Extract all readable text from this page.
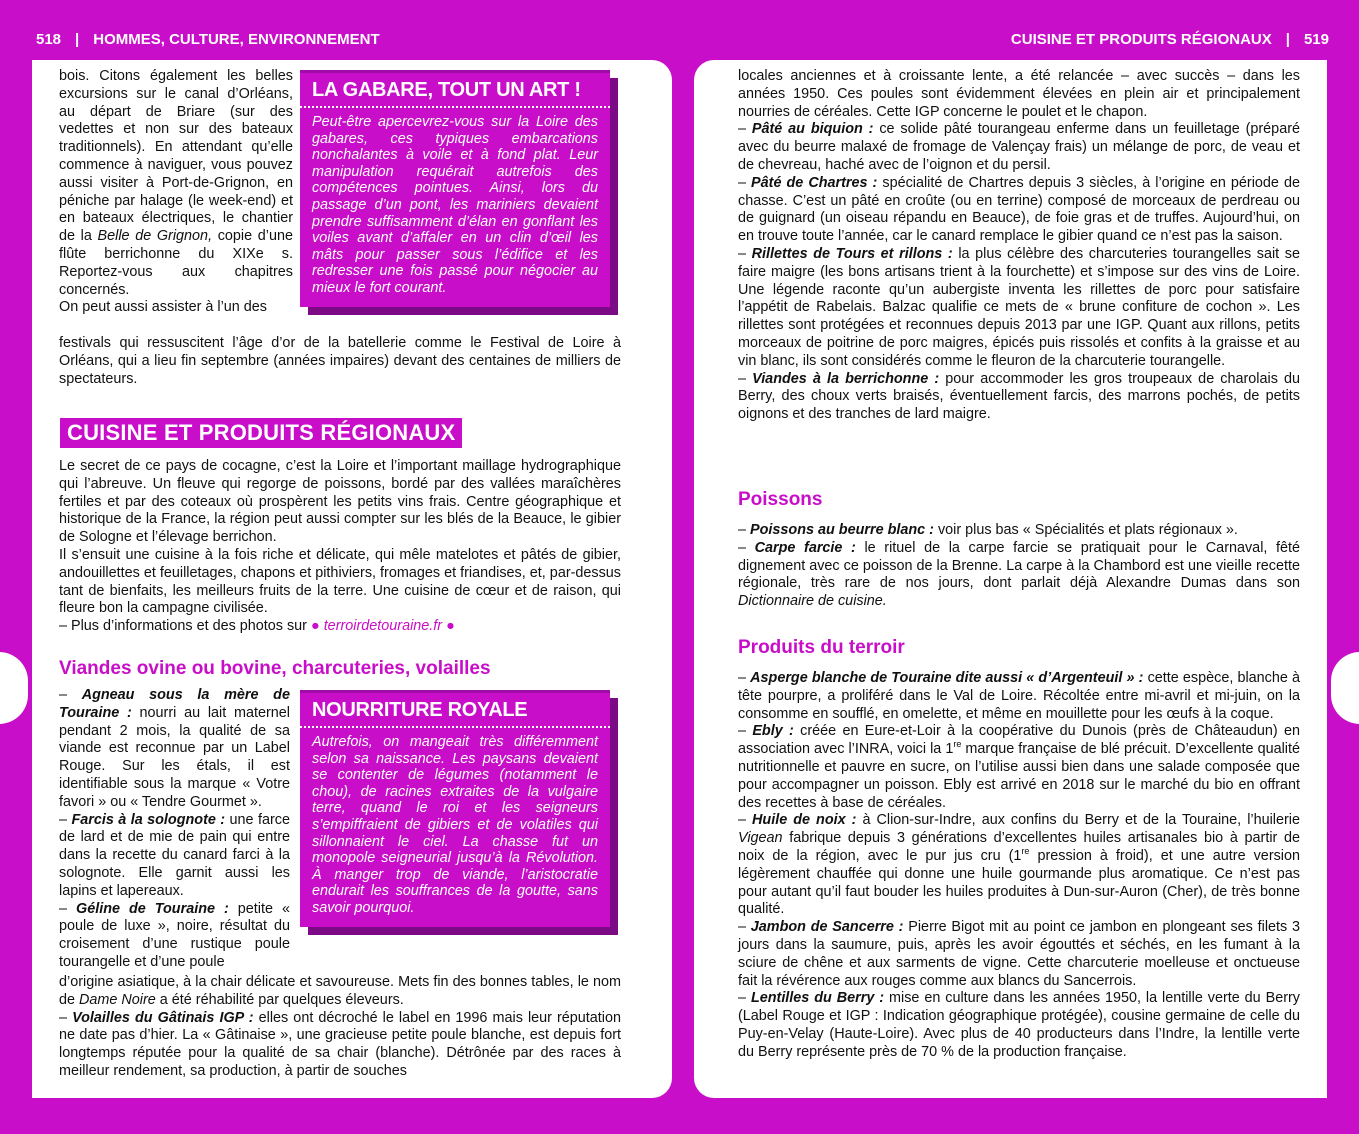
518 | HOMMES, CULTURE, ENVIRONNEMENT	CUISINE ET PRODUITS RÉGIONAUX | 519

bois. Citons également les belles excursions sur le canal d’Orléans, au départ de Briare (sur des vedettes et non sur des bateaux traditionnels). En attendant qu’elle commence à naviguer, vous pouvez aussi visiter à Port-de-Grignon, en péniche par halage (le week-end) et en bateaux électriques, le chantier de la Belle de Grignon, copie d’une flûte berrichonne du XIXe s. Reportez-vous aux chapitres concernés.

On peut aussi assister à l’un des

festivals qui ressuscitent l’âge d’or de la batellerie comme le Festival de Loire à Orléans, qui a lieu fin septembre (années impaires) devant des centaines de milliers de spectateurs.

LA GABARE, TOUT UN ART !
Peut-être apercevrez-vous sur la Loire des gabares, ces typiques embarcations nonchalantes à voile et à fond plat. Leur manipulation requérait autrefois des compétences pointues. Ainsi, lors du passage d’un pont, les mariniers devaient prendre suffisamment d’élan en gonflant les voiles avant d’affaler en un clin d’œil les mâts pour passer sous l’édifice et les redresser une fois passé pour négocier au mieux le fort courant.
CUISINE ET PRODUITS RÉGIONAUX

Le secret de ce pays de cocagne, c’est la Loire et l’important maillage hydrographique qui l’abreuve. Un fleuve qui regorge de poissons, bordé par des vallées maraîchères fertiles et par des coteaux où prospèrent les petits vins frais. Centre géographique et historique de la France, la région peut aussi compter sur les blés de la Beauce, le gibier de Sologne et l’élevage berrichon.

Il s’ensuit une cuisine à la fois riche et délicate, qui mêle matelotes et pâtés de gibier, andouillettes et feuilletages, chapons et pithiviers, fromages et friandises, et, par-dessus tant de bienfaits, les meilleurs fruits de la terre. Une cuisine de cœur et de raison, qui fleure bon la campagne civilisée.

– Plus d’informations et des photos sur ● terroirdetouraine.fr ●

Viandes ovine ou bovine, charcuteries, volailles

– Agneau sous la mère de Touraine : nourri au lait maternel pendant 2 mois, la qualité de sa viande est reconnue par un Label Rouge. Sur les étals, il est identifiable sous la marque « Votre favori » ou « Tendre Gourmet ».

– Farcis à la solognote : une farce de lard et de mie de pain qui entre dans la recette du canard farci à la solognote. Elle garnit aussi les lapins et lapereaux.

– Géline de Touraine : petite « poule de luxe », noire, résultat du croisement d’une rustique poule tourangelle et d’une poule

d’origine asiatique, à la chair délicate et savoureuse. Mets fin des bonnes tables, le nom de Dame Noire a été réhabilité par quelques éleveurs.

– Volailles du Gâtinais IGP : elles ont décroché le label en 1996 mais leur réputation ne date pas d’hier. La « Gâtinaise », une gracieuse petite poule blanche, est depuis fort longtemps réputée pour la qualité de sa chair (blanche). Détrônée par des races à meilleur rendement, sa production, à partir de souches

NOURRITURE ROYALE
Autrefois, on mangeait très différemment selon sa naissance. Les paysans devaient se contenter de légumes (notamment le chou), de racines extraites de la vulgaire terre, quand le roi et les seigneurs s’empiffraient de gibiers et de volatiles qui sillonnaient le ciel. La chasse fut un monopole seigneurial jusqu’à la Révolution. À manger trop de viande, l’aristocratie endurait les souffrances de la goutte, sans savoir pourquoi.

locales anciennes et à croissante lente, a été relancée – avec succès – dans les années 1950. Ces poules sont évidemment élevées en plein air et principalement nourries de céréales. Cette IGP concerne le poulet et le chapon.

– Pâté au biquion : ce solide pâté tourangeau enferme dans un feuilletage (préparé avec du beurre malaxé de fromage de Valençay frais) un mélange de porc, de veau et de chevreau, haché avec de l’oignon et du persil.

– Pâté de Chartres : spécialité de Chartres depuis 3 siècles, à l’origine en période de chasse. C’est un pâté en croûte (ou en terrine) composé de morceaux de perdreau ou de guignard (un oiseau répandu en Beauce), de foie gras et de truffes. Aujourd’hui, on en trouve toute l’année, car le canard remplace le gibier quand ce n’est pas la saison.

– Rillettes de Tours et rillons : la plus célèbre des charcuteries tourangelles sait se faire maigre (les bons artisans trient à la fourchette) et s’impose sur des vins de Loire. Une légende raconte qu’un aubergiste inventa les rillettes de porc pour satisfaire l’appétit de Rabelais. Balzac qualifie ce mets de « brune confiture de cochon ». Les rillettes sont protégées et reconnues depuis 2013 par une IGP. Quant aux rillons, petits morceaux de poitrine de porc maigres, épicés puis rissolés et confits à la graisse et au vin blanc, ils sont considérés comme le fleuron de la charcuterie tourangelle.

– Viandes à la berrichonne : pour accommoder les gros troupeaux de charolais du Berry, des choux verts braisés, éventuellement farcis, des marrons pochés, de petits oignons et des tranches de lard maigre.

Poissons

– Poissons au beurre blanc : voir plus bas « Spécialités et plats régionaux ».

– Carpe farcie : le rituel de la carpe farcie se pratiquait pour le Carnaval, fêté dignement avec ce poisson de la Brenne. La carpe à la Chambord est une vieille recette régionale, très rare de nos jours, dont parlait déjà Alexandre Dumas dans son Dictionnaire de cuisine.

Produits du terroir

– Asperge blanche de Touraine dite aussi « d’Argenteuil » : cette espèce, blanche à tête pourpre, a proliféré dans le Val de Loire. Récoltée entre mi-avril et mi-juin, on la consomme en soufflé, en omelette, et même en mouillette pour les œufs à la coque.

– Ebly : créée en Eure-et-Loir à la coopérative du Dunois (près de Châteaudun) en association avec l’INRA, voici la 1re marque française de blé précuit. D’excellente qualité nutritionnelle et pauvre en sucre, on l’utilise aussi bien dans une salade composée que pour accompagner un poisson. Ebly est arrivé en 2018 sur le marché du bio en offrant des recettes à base de céréales.

– Huile de noix : à Clion-sur-Indre, aux confins du Berry et de la Touraine, l’huilerie Vigean fabrique depuis 3 générations d’excellentes huiles artisanales bio à partir de noix de la région, avec le pur jus cru (1re pression à froid), et une autre version légèrement chauffée qui donne une huile gourmande plus aromatique. Ce n’est pas pour autant qu’il faut bouder les huiles produites à Dun-sur-Auron (Cher), de très bonne qualité.

– Jambon de Sancerre : Pierre Bigot mit au point ce jambon en plongeant ses filets 3 jours dans la saumure, puis, après les avoir égouttés et séchés, en les fumant à la sciure de chêne et aux sarments de vigne. Cette charcuterie moelleuse et onctueuse fait la révérence aux rouges comme aux blancs du Sancerrois.

– Lentilles du Berry : mise en culture dans les années 1950, la lentille verte du Berry (Label Rouge et IGP : Indication géographique protégée), cousine germaine de celle du Puy-en-Velay (Haute-Loire). Avec plus de 40 producteurs dans l’Indre, la lentille verte du Berry représente près de 70 % de la production française.
